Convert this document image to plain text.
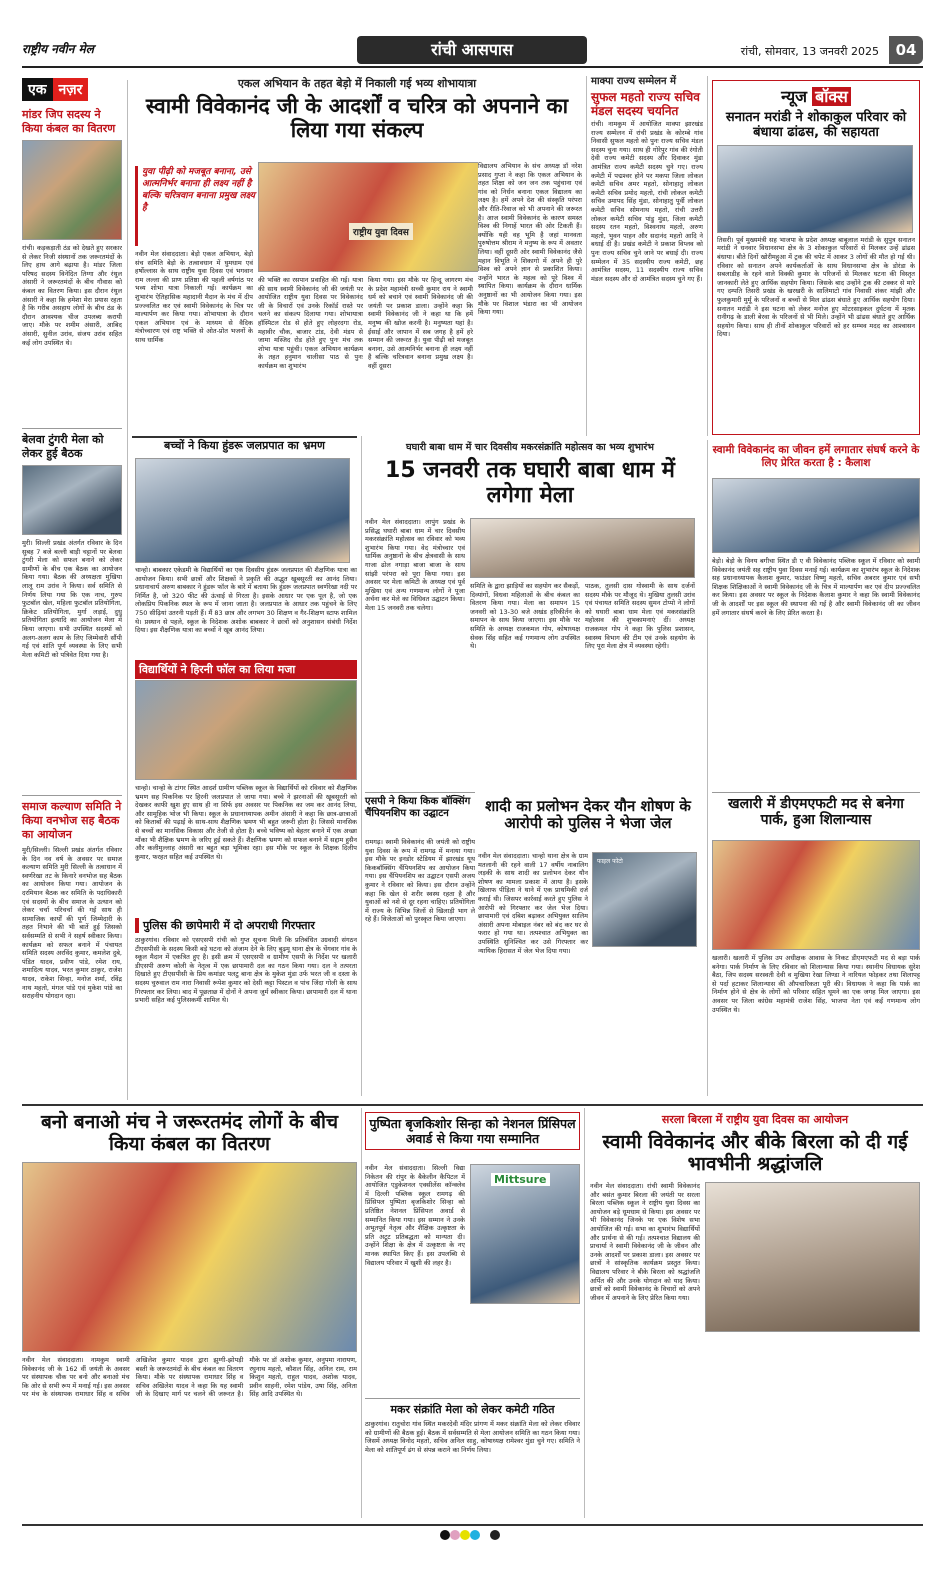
राष्ट्रीय नवीन मेल	रांची आसपास	रांची, सोमवार, 13 जनवरी 2025	04
एक नज़र
मांडर जिप सदस्य ने किया कंबल का वितरण
रांची। कड़कड़ाती ठंड को देखते हुए सरकार से लेकर निजी संस्थानों तक जरूरतमंदों के लिए हाथ आगे बढ़ाया है। मांडर जिला परिषद सदस्य विनेदित तिग्गा और रंथुल अंसारी ने जरूरतमंदों के बीच गौवास को कंबल का वितरण किया। इस दौरान रंथुल अंसारी ने कहा कि हमेशा मेरा प्रयास रहता है कि गरीब असहाय लोगों के बीच ठंड के दौरान आवश्यक चीज उपलब्ध करायी जाए। मौके पर शमीम अंसारी, आबिद अंसारी, सुनील उरांव, संजय उरांव सहित कई लोग उपस्थित थे।
बेलवा टुंगरी मेला को लेकर हुई बैठक
मुरी। सिल्ली प्रखंड अंतर्गत रविवार के दिन सुबह 7 बजे बल्ली बाड़ी चट्टानों पर बेलवा टुंगरी मेला को सफल बनाने को लेकर ग्रामीणों के बीच एक बैठक का आयोजन किया गया। बैठक की अध्यक्षता मुखिया लालू राम उरांव ने किया। सर्व समिति से निर्णय लिया गया कि एक नाच, गुरुप फुटबॉल खेल, महिला फुटबॉल प्रतियोगिता, क्रिकेट प्रतियोगिता, मुर्गा लड़ाई, दुधु प्रतियोगिता इत्यादि का आयोजन मेला में किया जाएगा। सभी उपस्थित सदस्यों को अलग-अलग काम के लिए जिम्मेवारी सौंपी गई एवं शांति पूर्ण व्यवस्था के लिए सभी मेला कमिटी को पत्रिवेत दिया गया है।
समाज कल्याण समिति ने किया वनभोज सह बैठक का आयोजन
मुरी/सिल्ली। सिल्ली प्रखंड अंतर्गत रविवार के दिन नव वर्ष के अवसर पर समाज कल्याण समिति मुरी सिल्ली के तत्वाधान में स्वर्णरेखा तट के किनारे वनभोज सह बैठक का आयोजन किया गया। आयोजन के दरमियान बैठक कर समिति के पदाधिकारी एवं सदस्यों के बीच समाज के उत्थान को लेकर चर्चा परिचर्चा की गई साथ ही सामाजिक कार्यों की पूर्ण जिम्मेदारी के तहत निभाने की भी बातें हुई जिसको सर्वसम्मति से सभी ने सहर्ष स्वीकार किया। कार्यक्रम को सफल बनाने में पंचायत समिति सदस्य अरविंद कुमार, कमलेश दुबे, पंडित यादव, प्रवीण पांडे, रमेश राय, शमादित्य यादव, भरत कुमार ठाकुर, राजेश यादव, राकेश सिन्हा, मनोज शर्मा, रविंद्र नाथ महतो, मंगल पांडे एवं मुकेश पांडे का सराहनीय योगदान रहा।
एकल अभियान के तहत बेड़ो में निकाली गई भव्य शोभायात्रा
स्वामी विवेकानंद जी के आदर्शों व चरित्र को अपनाने का लिया गया संकल्प
युवा पीढ़ी को मजबूत बनाना, उसे आत्मनिर्भर बनाना ही लक्ष्य नहीं है बल्कि चरित्रवान बनाना प्रमुख लक्ष्य है
राष्ट्रीय युवा दिवस
नवीन मेल संवाददाता। बेड़ो एकल अभियान, बेड़ो संच समिति बेड़ो के तत्वावधान में घुमधाम एवं हर्षोल्लास के साथ राष्ट्रीय युवा दिवस एवं भगवान राम लल्ला की प्राण प्रतिष्ठा की पहली वर्षगांठ पर भव्य शोभा यात्रा निकाली गई। कार्यक्रम का शुभारंभ ऐतिहासिक महादानी मैदान के मंच में दीप प्रज्ज्वलित कर एवं स्वामी विवेकानंद के चित्र पर माल्यार्पण कर किया गया। शोभायात्रा के दौरान एकल अभियान एवं के माध्यम से वैदिक मंत्रोच्चारण एवं राष्ट्र भक्ति से ओत-प्रोत भजनों के साथ धार्मिक
की भक्ति का रसपान प्रवाहित की गई। यात्रा की साथ स्वामी विवेकानंद जी की जयंती पर आयोजित राष्ट्रीय युवा दिवस पर विवेकानंद जी के विचारों एवं उनके रिकॉर्ड रास्ते पर चलने का संकल्प दिलाया गया। शोभायात्रा हॉस्पिटल रोड से होते हुए लोहरदगा रोड, महावीर चौक, बाजार टांड, देवी मंडप से जामा मस्जिद रोड होते हुए पुनः मंच तक शोभा यात्रा पहुंची। एकल अभियान कार्यक्रम के तहत हनुमान चालीसा पाठ से पुनः कार्यक्रम का शुभारंभ
किया गया। इस मौके पर हिन्दू जागरण मंच के प्रदेश महामंत्री सच्ची कुमार राय ने स्वामी धर्म को बचाने एवं स्वामी विवेकानंद जी की जयंती पर प्रकाश डाला। उन्होंने कहा कि स्वामी विवेकानंद जी ने कहा था कि हमें मनुष्य की खोज करनी है। मनुष्यता यहां है। ईसाई और जापान में सब जगह है हमें हरे सम्मान की जरूरत है। युवा पीढ़ी को मजबूत बनाना, उसे आत्मनिर्भर बनाना ही लक्ष्य नहीं है बल्कि चरित्रवान बनाना प्रमुख लक्ष्य है। वहीं दूसरा
विद्यालय अभियान के संच अध्यक्ष डॉ नरेश प्रसाद गुप्ता ने कहा कि एकल अभियान के तहत शिक्षा को जन जन तक पहुंचाना एवं गांव को निर्धन बनाना एकल विद्यालय का लक्ष्य है। हमें अपने देश की संस्कृति परंपरा और रीति-रिवाज को भी अपनाने की जरूरत है। आज स्वामी विवेकानंद के कारण समस्त विश्व की निगाहें भारत की ओर टिकती हैं। क्योंकि यही वह भूमि है जहां मानवता पुरुषोत्तम श्रीराम ने मनुष्य के रूप में अवतार लिया। वहीं दूसरी ओर स्वामी विवेकानंद जैसे महान विभूति ने शिकागो में अपने ही पुरे विश्व को अपने ज्ञान से प्रकाशित किया। उन्होंने भारत के महत्व को पूरे विश्व में स्थापित किया। कार्यक्रम के दौरान धार्मिक अनुष्ठानों का भी आयोजन किया गया। इस मौके पर विशाल भंडारा का भी आयोजन किया गया।
माक्पा राज्य सम्मेलन में
सुफल महतो राज्य सचिव मंडल सदस्य चयनित
रांची। नामकुम में आयोजित माक्पा झारखंड राज्य सम्मेलन में रांची प्रखंड के कोरम्बे गांव निवासी सुफल महतो को पुनः राज्य सचिव मंडल सदस्य चुना गया। साथ ही गोरेपुर गांव की रंगोती देवी राज्य कमेटी सदस्य और दिवाकर मुंडा आमंत्रित राज्य कमेटी सदस्य चुने गए। राज्य कमेटी में पद्मश्वर होने पर मकपा जिला लोकल कमेटी सचिव अमर महतो, सोनाहातु लोकल कमेटी सचिव प्रमोद महतो, रांची लोकल कमेटी सचिव उमापद सिंह मुंडा, सोनाहातु पूर्वी लोकल कमेटी सचिव सोमनाथ महतो, रांची उत्तरी लोकल कमेटी सचिव पांडु मुंडा, जिला कमेटी सदस्य रतन महतो, विश्वनाथ महतो, अरुण महतो, भुवन पाहन और सदानंद महतो आदि ने बधाई दी है। प्रखंड कमेटी ने प्रकाश विप्लव को पुनः राज्य सचिव चुने जाने पर बधाई दी। राज्य सम्मेलन में 35 सदस्यीय राज्य कमेटी, छह आमंत्रित सदस्य, 11 सदस्यीय राज्य सचिव मंडल सदस्य और दो आमंत्रित सदस्य चुने गए हैं।
न्यूज बॉक्स
सनातन मरांडी ने शोकाकुल परिवार को बंधाया ढांढस, की सहायता
तिसरी। पूर्व मुख्यमंत्री सह भाजपा के प्रदेश अध्यक्ष बाबूलाल मरांडी के सुपुत्र सनातन मरांडी ने धनवार विधानसभा क्षेत्र के 3 शोकाकुल परिवारों से मिलकर उन्हें ढांढस बंधाया। बीते दिनों खोरीमहुआ में ट्रक की चपेट में आकर 3 लोगों की मौत हो गई थी। रविवार को सनातन अपने कार्यकर्ताओं के साथ विधानसभा क्षेत्र के डोरंडा के सबलाडीह के रहने वाले विक्की कुमार के परिजनों से मिलकर घटना की विस्तृत जानकारी लेते हुए आर्थिक सहयोग किया। जिसके बाद उन्होंने ट्रक की टक्कर से मारे गए दम्पति तिसरी प्रखंड के खरखरी के सालिमाटो गांव निवासी शंकर मांझी और फुलकुमारी मुर्मू के परिजनों व बच्चों से मिल ढांढस बंधाते हुए आर्थिक सहयोग दिया। सनातन मरांडी ने इस घटना को लेकर मनोज हुए मोटरसाइकल दुर्घटना में मृतक रानीगढ़ के डाली बेरवा के परिजनों से भी मिले। उन्होंने भी ढांढस बंधाते हुए आर्थिक सहयोग किया। साथ ही तीनों शोकाकुल परिवारों को हर सम्भव मदद का आश्वासन दिया।
बच्चों ने किया हुंडरू जलप्रपात का भ्रमण
चान्हो। बाबकार एकेडमी के विद्यार्थियों का एक दिवसीय हुंडरू जलप्रपात की शैक्षणिक यात्रा का आयोजन किया। सभी छात्रों और शिक्षकों ने प्रकृति की अद्भुत खूबसूरती का आनंद लिया। प्रधानाचार्य अरुण बाबकार ने हुंडरू फॉल के बारे में बताया कि हुंडरू जलप्रपात स्वर्णरेखा नदी पर निर्मित है, जो 320 फीट की ऊंचाई से गिरता है। इसके आधार पर एक पूल है, जो एक लोकप्रिय पिकनिक स्थल के रूप में जाना जाता है। जलप्रपात के आधार तक पहुंचने के लिए 750 सीढ़ियां उतरनी पड़ती हैं। मैं 83 छात्र और लगभग 30 शिक्षण व गैर-शिक्षण स्टाफ शामिल थे। प्रस्थान से पहले, स्कूल के निदेशक अशोक बाबकार ने छात्रों को अनुशासन संबंधी निर्देश दिया। इस शैक्षणिक यात्रा का बच्चों ने खूब आनंद लिया।
विद्यार्थियों ने हिरनी फॉल का लिया मजा
चान्हो। चान्हो के टांगर स्थित आदर्श ग्रामीण पब्लिक स्कूल के विद्यार्थियों को रविवार को शैक्षणिक भ्रमण सह पिकनिक पर हिरनी जलप्रपात ले जाया गया। बच्चे ने झरनाओं की खूबसूरती को देखकर काफी खुश हुए साथ ही ना सिर्फ इस अवसर पर पिकनिक का जम कर आनंद लिया, और सामूहिक भोज भी किया। स्कूल के प्रधानाध्यापक अमीन अंसारी ने कहा कि छात्र-छात्राओं को किताबों की पढ़ाई के साथ-साथ शैक्षणिक भ्रमण भी बहुत जरूरी होता है। जिससे मानसिक से बच्चों का मानसिक विकास और तेजी से होता है। बच्चे भविष्य को बेहतर बनाने में एक अच्छा माँका भी शैक्षिक भ्रमण के जरिए हुई सकते हैं। शैक्षणिक भ्रमण को सफल बनाने में सद्दाम हुसैन और कलीमुल्लाह अंसारी का बहुत बड़ा भूमिका रहा। इस मौके पर स्कूल के शिक्षक दिलीप कुमार, फरहत सहित कई उपस्थित थे।
पुलिस की छापेमारी में दो अपराधी गिरफ्तार
ठाकुरगांव। रविवार को एसएसपी रांची को गुप्त सूचना मिली कि प्रतिबंधित उग्रवादी संगठन टीएसपीसी के सदस्य किसी बड़े घटना को अंजाम देने के लिए बुढ़मू थाना क्षेत्र के चेंगवार गांव के स्कूल मैदान में एकत्रित हुए है। इसी क्रम में एसएसपी व ग्रामीण एसपी के निर्देश पर खलारी डीएसपी अरुण कोली के नेतृत्व में एक छापामारी दल का गठन किया गया। दल ने तत्परता दिखाते हुए टीएसपीसी के प्रिय कमांडर पलटु बाना क्षेत्र के मुकेश मुंडा उर्फ भरत जी व दस्ता के सदस्य चुरुवाल राम नारा निवासी रूपेश कुमार को देसी कट्टा पिस्टल व पांच जिंदा गोली के साथ गिरफ्तार कर लिया। बाद में पूछताछ में दोनों ने अपना जुर्म स्वीकार किया। छापामारी दल में थाना प्रभारी सहित कई पुलिसकर्मी शामिल थे।
घघारी बाबा धाम में चार दिवसीय मकरसंक्रांति महोत्सव का भव्य शुभारंभ
15 जनवरी तक घघारी बाबा धाम में लगेगा मेला
नवीन मेल संवाददाता। लापुंग प्रखंड के प्रसिद्ध घघारी बाबा धाम में चार दिवसीय मकरसंक्रांति महोत्सव का रविवार को भव्य शुभारंभ किया गया। वेद मंत्रोच्चार एवं धार्मिक अनुष्ठानों के बीच क्षेत्रवासी के साथ गाजा ढोल नगाड़ा बाजा बाजा के साथ सांझी परंपरा को पूरा किया गया। इस अवसर पर मेला कमिटी के अध्यक्ष एवं पूर्व मुखिया एवं अन्य गणमान्य लोगों ने पूजा अर्चना कर मेले का विधिवत उद्घाटन किया। मेला 15 जनवरी तक चलेगा।
समिति के द्वारा झाड़ियों का सहयोग कर सैकड़ों, दिव्यांगों, विधवा महिलाओं के बीच कंबल का वितरण किया गया। मेला का समापन 15 जनवरी को 13-30 बजे अखंड हरिकीर्तन के समापन के साथ किया जाएगा। इस मौके पर समिति के अध्यक्ष राजकमल गोप, कोषाध्यक्ष सेवक सिंह सहित कई गणमान्य लोग उपस्थित थे।
पाठक, तुलसी दास गोस्वामी के साथ दर्जनों सदस्य मौके पर मौजूद थे। मुखिया तुलसी उरांव एवं पंचायत समिति सदस्य सुमन टोप्पो ने लोगों को घघारी बाबा धाम मेला एवं मकरसंक्रांति महोत्सव की शुभकामनाएं दीं। अध्यक्ष राजकमल गोप ने कहा कि पुलिस प्रशासन, स्वास्थ्य विभाग की टीम एवं उनके सहयोग के लिए पूरा मेला क्षेत्र में व्यवस्था रहेगी।
एसपी ने किया किक बॉक्सिंग चैंपियनशिप का उद्घाटन
रामगढ़। स्वामी विवेकानंद की जयंती को राष्ट्रीय युवा दिवस के रूप में रामगढ़ में मनाया गया। इस मौके पर इनडोर स्टेडियम में झारखंड यूथ किकबॉक्सिंग चैंपियनशिप का आयोजन किया गया। इस चैंपियनशिप का उद्घाटन एसपी अजय कुमार ने रविवार को किया। इस दौरान उन्होंने कहा कि खेल से शरीर स्वस्थ रहता है और युवाओं को नशे से दूर रहना चाहिए। प्रतियोगिता में राज्य के विभिन्न जिलों से खिलाड़ी भाग ले रहे हैं। विजेताओं को पुरस्कृत किया जाएगा।
शादी का प्रलोभन देकर यौन शोषण के आरोपी को पुलिस ने भेजा जेल
नवीन मेल संवाददाता। चान्हो थाना क्षेत्र के ग्राम मतलानी की रहने वाली 17 वर्षीय नाबालिग लड़की के साथ शादी का प्रलोभन देकर यौन शोषण का मामला प्रकाश में आया है। इसके खिलाफ पीड़िता ने थाने में एक प्राथमिकी दर्ज कराई थी। जिसपर कार्रवाई करते हुए पुलिस ने आरोपी को गिरफ्तार कर जेल भेज दिया। छापामारी एवं दबिश बढ़ाकर अभियुक्त सालिम अंसारी अपना मोबाइल नंबर को बंद कर घर से फरार हो गया था। तत्पश्चात अभियुक्त का उपस्थिति सुनिश्चित कर उसे गिरफ्तार कर न्यायिक हिरासत में जेल भेज दिया गया।
फाइल फोटो
स्वामी विवेकानंद का जीवन हमें लगातार संघर्ष करने के लिए प्रेरित करता है : कैलाश
बेड़ो। बेड़ो के विनय बगीचा स्थित डी ए वी विवेकानंद पब्लिक स्कूल में रविवार को स्वामी विवेकानंद जयंती सह राष्ट्रीय युवा दिवस मनाई गई। कार्यक्रम का शुभारंभ स्कूल के निदेशक सह प्रधानाध्यापक कैलाश कुमार, फाउंडर विष्णु महतो, सचिव अबरार कुमार एवं सभी शिक्षक शिक्षिकाओं ने स्वामी विवेकानंद जी के चित्र में माल्यार्पण कर एवं दीप प्रज्ज्वलित कर किया। इस अवसर पर स्कूल के निदेशक कैलाश कुमार ने कहा कि स्वामी विवेकानंद जी के आदर्शों पर इस स्कूल की स्थापना की गई है और स्वामी विवेकानंद जी का जीवन हमें लगातार संघर्ष करने के लिए प्रेरित करता है।
खलारी में डीएमएफटी मद से बनेगा पार्क, हुआ शिलान्यास
खलारी। खलारी में पुलिस उप अधीक्षक आवास के निकट डीएमएफटी मद से बड़ा पार्क बनेगा। पार्क निर्माण के लिए रविवार को शिलान्यास किया गया। स्थानीय विधायक सुरेश बैठा, जिप सदस्य सरस्वती देवी व मुखिया रेखा लिण्डा ने नारियल फोड़कर तथा शिलापट्ट से पर्दा हटाकर शिलान्यास की औपचारिकता पूरी की। विधायक ने कहा कि पार्क का निर्माण होने से क्षेत्र के लोगों को परिवार सहित घूमने का एक जगह मिल जाएगा। इस अवसर पर जिला कांग्रेस महामंत्री राजेश सिंह, भाजपा नेता एवं कई गणमान्य लोग उपस्थित थे।
बनो बनाओ मंच ने जरूरतमंद लोगों के बीच किया कंबल का वितरण
नवीन मेल संवाददाता। नामकुम स्वामी विवेकानंद जी के 162 वीं जयंती के अवसर पर संस्थापक चौक पर बनो और बनाओ मंच कि ओर से सभी रूप में मनाई गई। इस अवसर पर मंच के संस्थापक रामाधार सिंह व सचिव अखिलेश कुमार यादव द्वारा झुग्गी-झोपड़ी बस्ती के जरूरतमंदों के बीच कंबल का वितरण किया। मौके पर संस्थापक रामाधार सिंह व सचिव अखिलेश यादव ने कहा कि यह स्वामी जी के दिखाए मार्ग पर चलने की जरूरत है। मौके पर डॉ अशोक कुमार, अनुपमा नारायण, रघुनाथ महतो, कौशल सिंह, अनिल राम, राम किशुन महतो, राहुल यादव, अशोक यादव, प्रवीन साहनी, रमेश पांडेय, उषा सिंह, अनिता सिंह आदि उपस्थित थे।
पुष्पिता बृजकिशोर सिन्हा को नेशनल प्रिंसिपल अवार्ड से किया गया सम्मानित
नवीन मेल संवाददाता। सिल्ली विद्या निकेतन की रांपुर के बैकेलीन कैपिटल में आयोजित एडुकेशनल एक्सीलेंस कॉन्क्लेव में दिल्ली पब्लिक स्कूल रामगढ़ की प्रिंसिपल पुष्पिता बृजकिशोर सिन्हा को प्रतिष्ठित नेशनल प्रिंसिपल अवार्ड से सम्मानित किया गया। इस सम्मान ने उनके अभूतपूर्व नेतृत्व और शैक्षिक उत्कृष्टता के प्रति अटूट प्रतिबद्धता को मान्यता दी। उन्होंने शिक्षा के क्षेत्र में उत्कृष्टता के नए मानक स्थापित किए हैं। इस उपलब्धि से विद्यालय परिवार में खुशी की लहर है।
Mittsure
मकर संक्रांति मेला को लेकर कमेटी गठित
ठाकुरगांव। रातुचोरा गांव स्थित मकरदेवी मंदिर प्रांगण में मकर संक्रांति मेला को लेकर रविवार को ग्रामीणों की बैठक हुई। बैठक में सर्वसम्मति से मेला आयोजन समिति का गठन किया गया। जिसमें अध्यक्ष विनोद महतो, सचिव अनिल साहु, कोषाध्यक्ष रामेश्वर मुंडा चुने गए। समिति ने मेला को शांतिपूर्ण ढंग से संपन्न कराने का निर्णय लिया।
सरला बिरला में राष्ट्रीय युवा दिवस का आयोजन
स्वामी विवेकानंद और बीके बिरला को दी गई भावभीनी श्रद्धांजलि
नवीन मेल संवाददाता। रांची स्वामी विवेकानंद और बसंत कुमार बिरला की जयंती पर सरला बिरला पब्लिक स्कूल ने राष्ट्रीय युवा दिवस का आयोजन बड़े धूमधाम से किया। इस अवसर पर भी विवेकानंद जिनके पर एक विशेष सभा आयोजित की गई। सभा का शुभारंभ विद्यार्थियों और प्रार्थना से की गई। तत्पश्चात विद्यालय की प्राचार्या ने स्वामी विवेकानंद जी के जीवन और उनके आदर्शों पर प्रकाश डाला। इस अवसर पर छात्रों ने सांस्कृतिक कार्यक्रम प्रस्तुत किया। विद्यालय परिवार ने बीके बिरला को श्रद्धांजलि अर्पित की और उनके योगदान को याद किया। छात्रों को स्वामी विवेकानंद के विचारों को अपने जीवन में अपनाने के लिए प्रेरित किया गया।
